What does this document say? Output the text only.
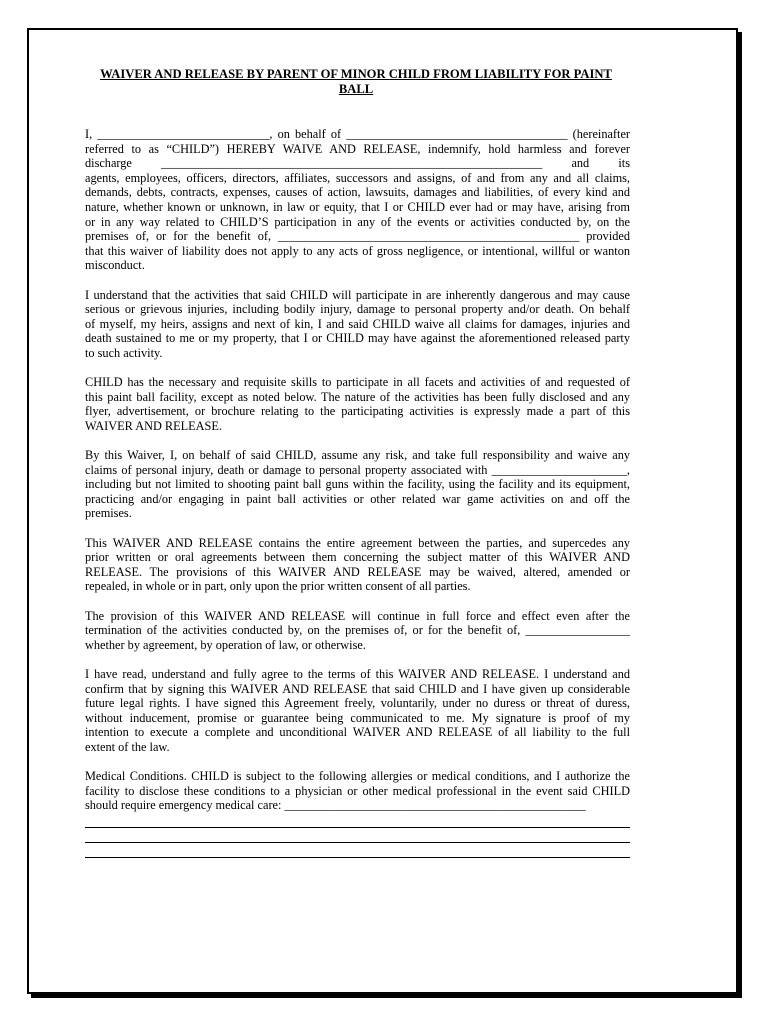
WAIVER AND RELEASE BY PARENT OF MINOR CHILD FROM LIABILITY FOR PAINT
BALL
I, ____________________________, on behalf of ____________________________________ (hereinafter
referred to as “CHILD”) HEREBY WAIVE AND RELEASE, indemnify, hold harmless and forever
discharge ______________________________________________________________ and its
agents, employees, officers, directors, affiliates, successors and assigns, of and from any and all claims,
demands, debts, contracts, expenses, causes of action, lawsuits, damages and liabilities, of every kind and
nature, whether known or unknown, in law or equity, that I or CHILD ever had or may have, arising from
or in any way related to CHILD’S participation in any of the events or activities conducted by, on the
premises of, or for the benefit of, _________________________________________________ provided
that this waiver of liability does not apply to any acts of gross negligence, or intentional, willful or wanton
misconduct.
I understand that the activities that said CHILD will participate in are inherently dangerous and may cause
serious or grievous injuries, including bodily injury, damage to personal property and/or death. On behalf
of myself, my heirs, assigns and next of kin, I and said CHILD waive all claims for damages, injuries and
death sustained to me or my property, that I or CHILD may have against the aforementioned released party
to such activity.
CHILD has the necessary and requisite skills to participate in all facets and activities of and requested of
this paint ball facility, except as noted below. The nature of the activities has been fully disclosed and any
flyer, advertisement, or brochure relating to the participating activities is expressly made a part of this
WAIVER AND RELEASE.
By this Waiver, I, on behalf of said CHILD, assume any risk, and take full responsibility and waive any
claims of personal injury, death or damage to personal property associated with ______________________,
including but not limited to shooting paint ball guns within the facility, using the facility and its equipment,
practicing and/or engaging in paint ball activities or other related war game activities on and off the
premises.
This WAIVER AND RELEASE contains the entire agreement between the parties, and supercedes any
prior written or oral agreements between them concerning the subject matter of this WAIVER AND
RELEASE. The provisions of this WAIVER AND RELEASE may be waived, altered, amended or
repealed, in whole or in part, only upon the prior written consent of all parties.
The provision of this WAIVER AND RELEASE will continue in full force and effect even after the
termination of the activities conducted by, on the premises of, or for the benefit of, _________________
whether by agreement, by operation of law, or otherwise.
I have read, understand and fully agree to the terms of this WAIVER AND RELEASE. I understand and
confirm that by signing this WAIVER AND RELEASE that said CHILD and I have given up considerable
future legal rights. I have signed this Agreement freely, voluntarily, under no duress or threat of duress,
without inducement, promise or guarantee being communicated to me. My signature is proof of my
intention to execute a complete and unconditional WAIVER AND RELEASE of all liability to the full
extent of the law.
Medical Conditions. CHILD is subject to the following allergies or medical conditions, and I authorize the
facility to disclose these conditions to a physician or other medical professional in the event said CHILD
should require emergency medical care: _________________________________________________
